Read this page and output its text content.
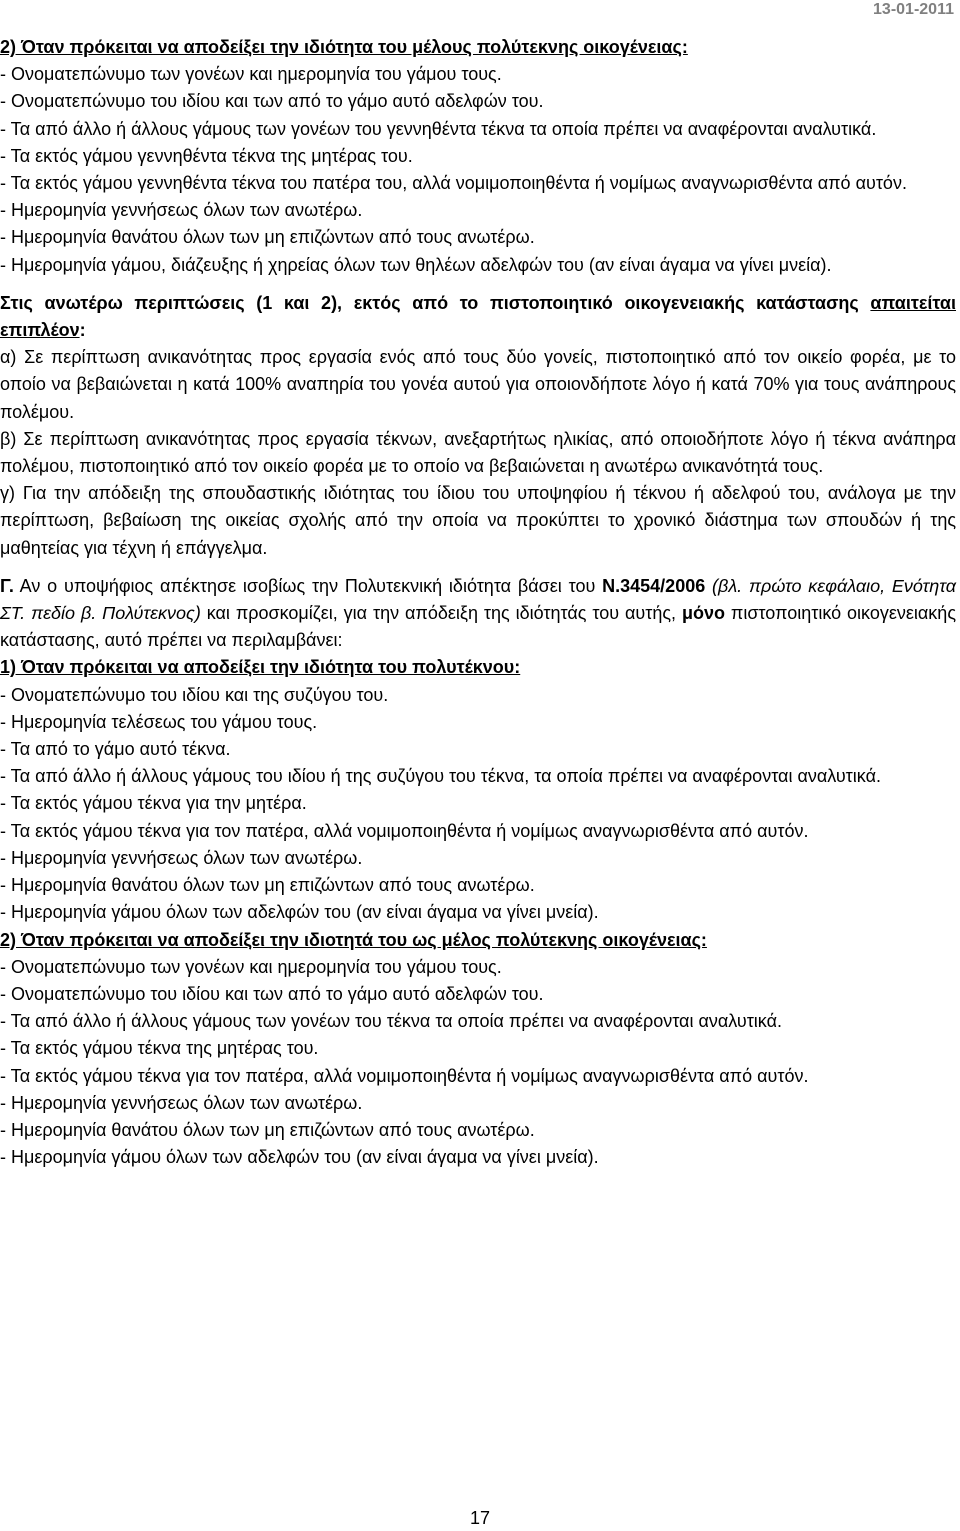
13-01-2011

2) Όταν πρόκειται να αποδείξει την ιδιότητα του μέλους πολύτεκνης οικογένειας:

- Ονοματεπώνυμο των γονέων και ημερομηνία του γάμου τους.

- Ονοματεπώνυμο του ιδίου και των από το γάμο αυτό αδελφών του.

- Τα από άλλο ή άλλους γάμους των γονέων του γεννηθέντα τέκνα τα οποία πρέπει να αναφέρονται αναλυτικά.

- Τα εκτός γάμου γεννηθέντα τέκνα της μητέρας του.

- Τα εκτός γάμου γεννηθέντα τέκνα του πατέρα του, αλλά νομιμοποιηθέντα ή νομίμως αναγνωρισθέντα από αυτόν.

- Ημερομηνία γεννήσεως όλων των ανωτέρω.

- Ημερομηνία θανάτου όλων των μη επιζώντων από τους ανωτέρω.

- Ημερομηνία γάμου, διάζευξης ή χηρείας όλων των θηλέων αδελφών του (αν είναι άγαμα να γίνει μνεία).

Στις ανωτέρω περιπτώσεις (1 και 2), εκτός από το πιστοποιητικό οικογενειακής κατάστασης απαιτείται επιπλέον:

α) Σε περίπτωση ανικανότητας προς εργασία ενός από τους δύο γονείς, πιστοποιητικό από τον οικείο φορέα, με το οποίο να βεβαιώνεται η κατά 100% αναπηρία του γονέα αυτού για οποιονδήποτε λόγο ή κατά 70% για τους ανάπηρους πολέμου.

β) Σε περίπτωση ανικανότητας προς εργασία τέκνων, ανεξαρτήτως ηλικίας, από οποιοδήποτε λόγο ή τέκνα ανάπηρα πολέμου, πιστοποιητικό από τον οικείο φορέα με το οποίο να βεβαιώνεται η ανωτέρω ανικανότητά τους.

γ) Για την απόδειξη της σπουδαστικής ιδιότητας του ίδιου του υποψηφίου ή τέκνου ή αδελφού του, ανάλογα με την περίπτωση, βεβαίωση της οικείας σχολής από την οποία να προκύπτει το χρονικό διάστημα των σπουδών ή της μαθητείας για τέχνη ή επάγγελμα.

Γ. Αν ο υποψήφιος απέκτησε ισοβίως την Πολυτεκνική ιδιότητα βάσει του Ν.3454/2006 (βλ. πρώτο κεφάλαιο, Ενότητα ΣΤ. πεδίο β. Πολύτεκνος) και προσκομίζει, για την απόδειξη της ιδιότητάς του αυτής, μόνο πιστοποιητικό οικογενειακής κατάστασης, αυτό πρέπει να περιλαμβάνει:

1) Όταν πρόκειται να αποδείξει την ιδιότητα του πολυτέκνου:

- Ονοματεπώνυμο του ιδίου και της συζύγου του.

- Ημερομηνία τελέσεως του γάμου τους.

- Τα από το γάμο αυτό τέκνα.

- Τα από άλλο ή άλλους γάμους του ιδίου ή της συζύγου του τέκνα, τα οποία πρέπει να αναφέρονται αναλυτικά.

- Τα εκτός γάμου τέκνα για την μητέρα.

- Τα εκτός γάμου τέκνα για τον πατέρα, αλλά νομιμοποιηθέντα ή νομίμως αναγνωρισθέντα από αυτόν.

- Ημερομηνία γεννήσεως όλων των ανωτέρω.

- Ημερομηνία θανάτου όλων των μη επιζώντων από τους ανωτέρω.

- Ημερομηνία γάμου όλων των αδελφών του (αν είναι άγαμα να γίνει μνεία).

2) Όταν πρόκειται να αποδείξει την ιδιοτητά του ως μέλος πολύτεκνης οικογένειας:

- Ονοματεπώνυμο των γονέων και ημερομηνία του γάμου τους.

- Ονοματεπώνυμο του ιδίου και των από το γάμο αυτό αδελφών του.

- Τα από άλλο ή άλλους γάμους των γονέων του τέκνα τα οποία πρέπει να αναφέρονται αναλυτικά.

- Τα εκτός γάμου τέκνα της μητέρας του.

- Τα εκτός γάμου τέκνα για τον πατέρα, αλλά νομιμοποιηθέντα ή νομίμως αναγνωρισθέντα από αυτόν.

- Ημερομηνία γεννήσεως όλων των ανωτέρω.

- Ημερομηνία θανάτου όλων των μη επιζώντων από τους ανωτέρω.

- Ημερομηνία γάμου όλων των αδελφών του (αν είναι άγαμα να γίνει μνεία).

17
